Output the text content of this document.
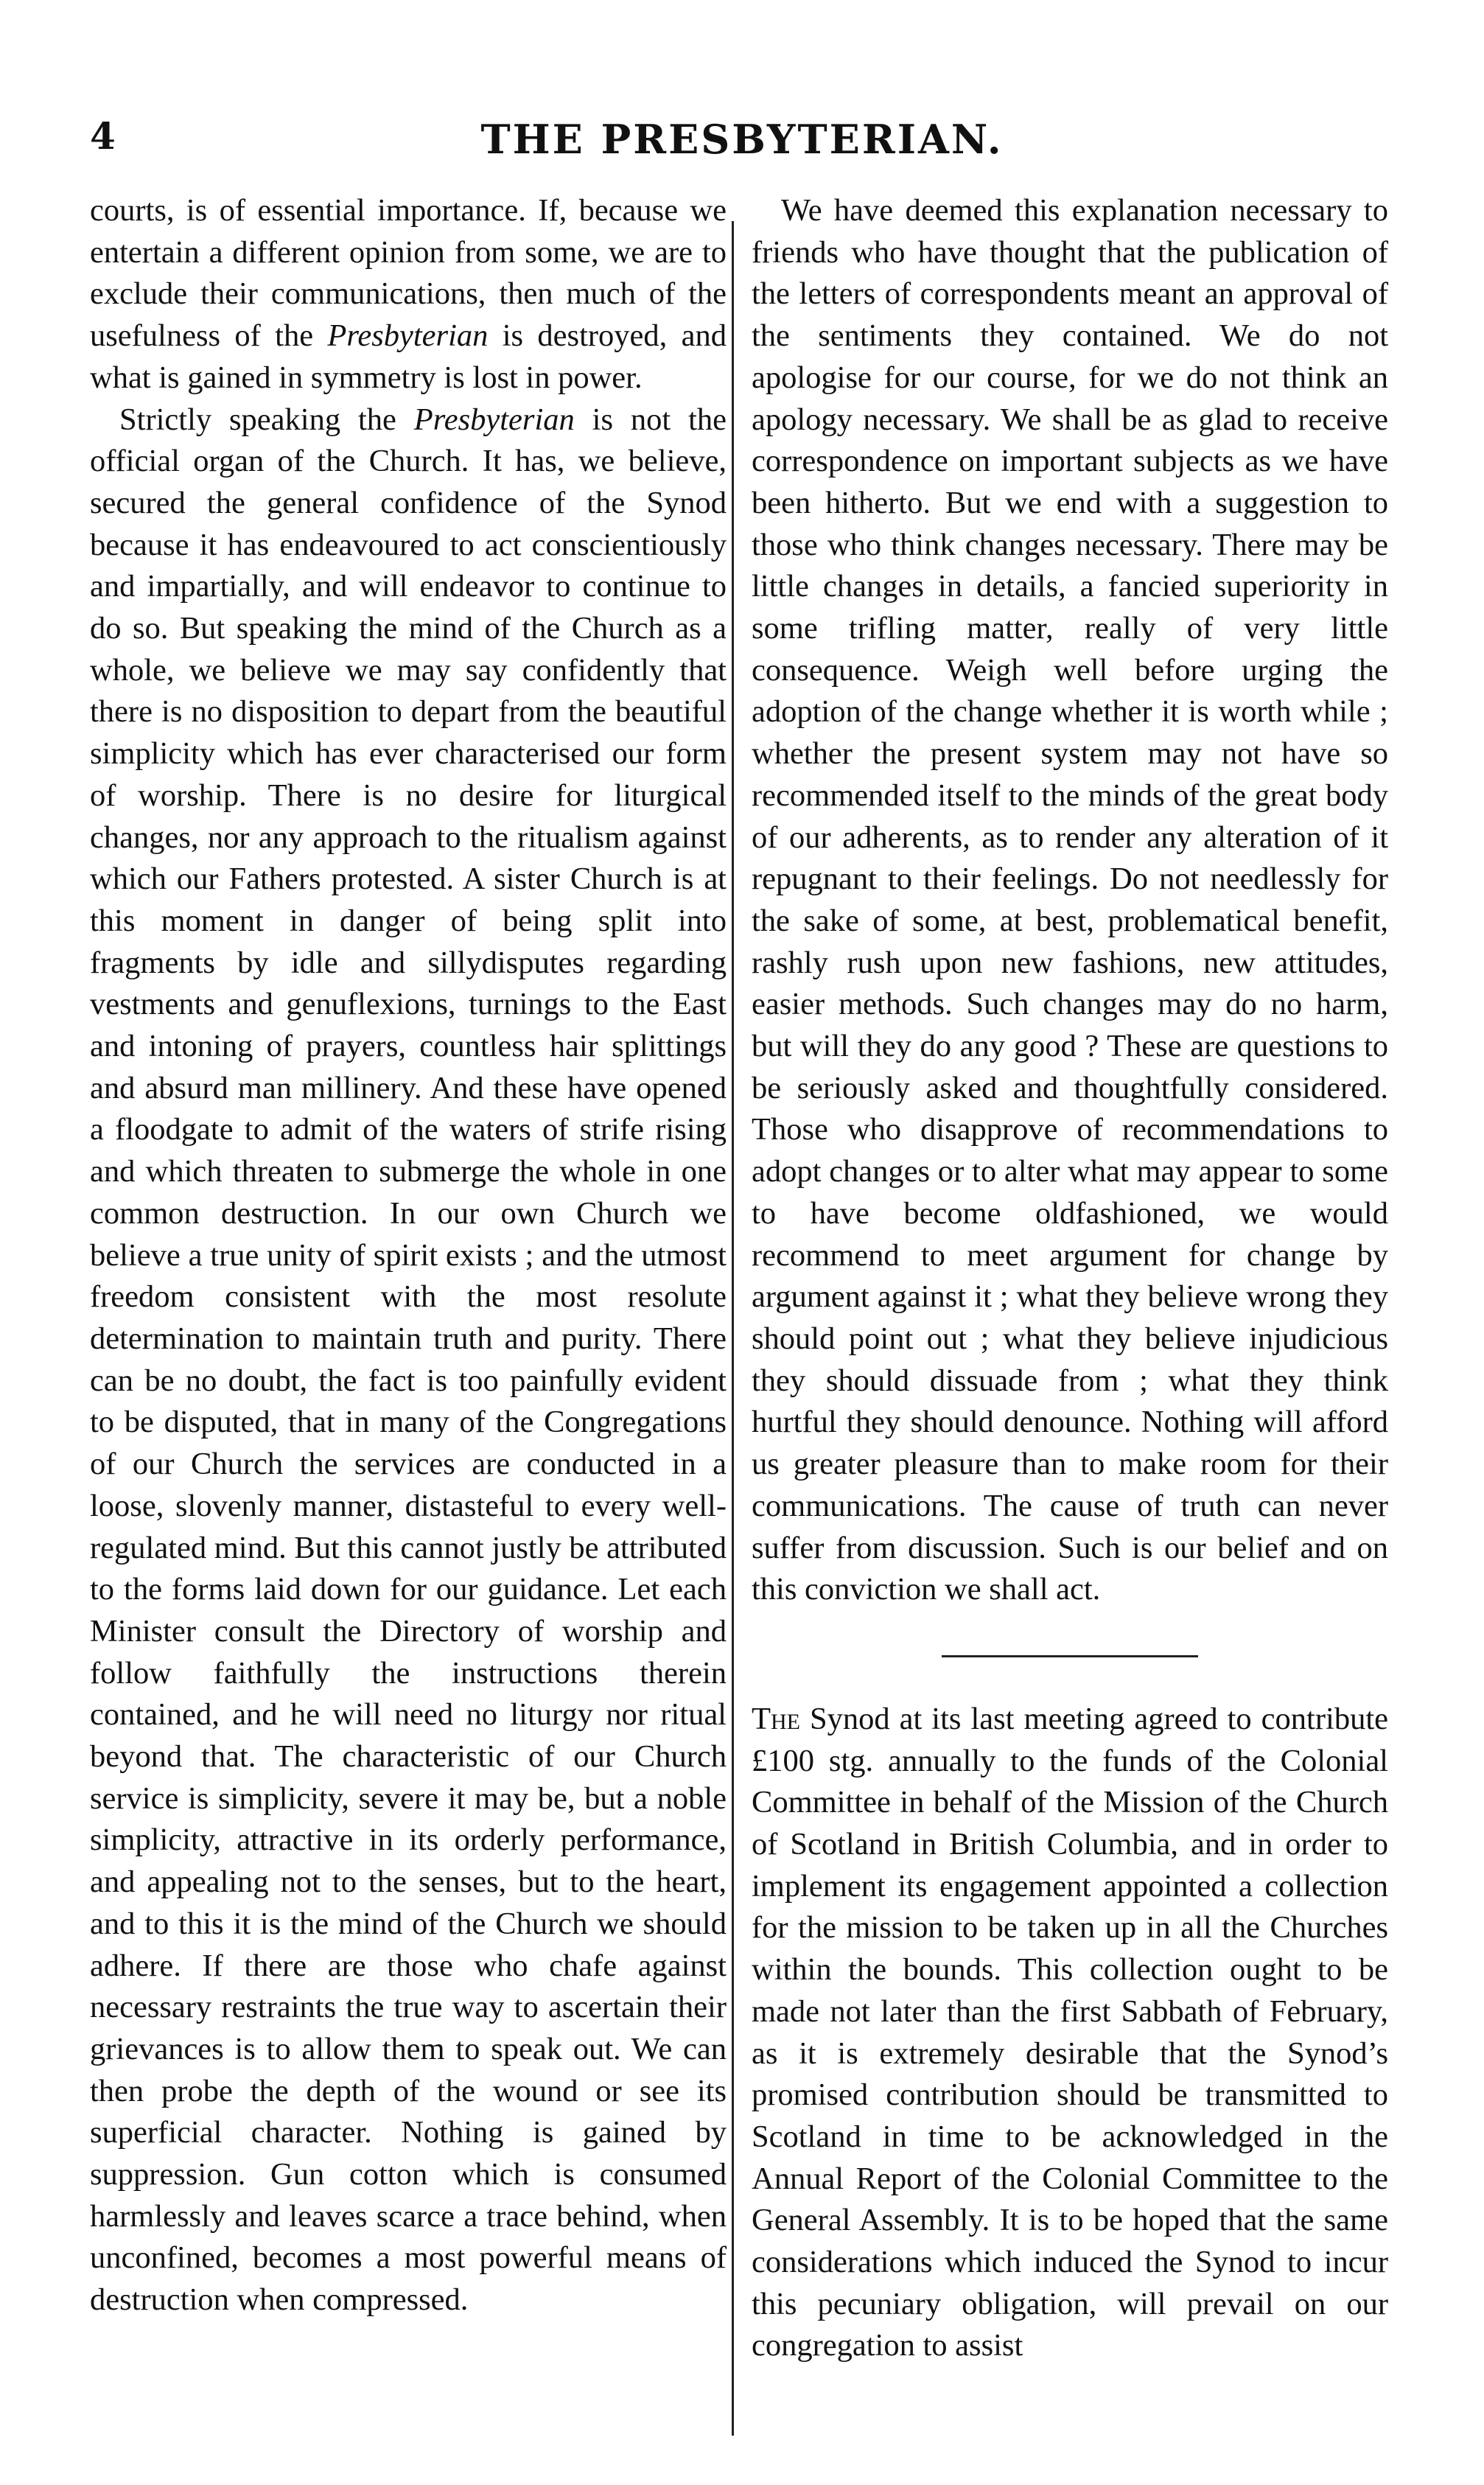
4	THE PRESBYTERIAN.

courts, is of essential importance. If, because we entertain a different opinion from some, we are to exclude their communications, then much of the usefulness of the Presbyterian is destroyed, and what is gained in symmetry is lost in power.

Strictly speaking the Presbyterian is not the official organ of the Church. It has, we believe, secured the general confidence of the Synod because it has endeavoured to act conscientiously and impartially, and will endeavor to continue to do so. But speaking the mind of the Church as a whole, we believe we may say confidently that there is no disposition to depart from the beautiful simplicity which has ever characterised our form of worship. There is no desire for liturgical changes, nor any approach to the ritualism against which our Fathers protested. A sister Church is at this moment in danger of being split into fragments by idle and sillydisputes regarding vestments and genuflexions, turnings to the East and intoning of prayers, countless hair splittings and absurd man millinery. And these have opened a floodgate to admit of the waters of strife rising and which threaten to submerge the whole in one common destruction. In our own Church we believe a true unity of spirit exists ; and the utmost freedom consistent with the most resolute determination to maintain truth and purity. There can be no doubt, the fact is too painfully evident to be disputed, that in many of the Congregations of our Church the services are conducted in a loose, slovenly manner, distasteful to every well-regulated mind. But this cannot justly be attributed to the forms laid down for our guidance. Let each Minister consult the Directory of worship and follow faithfully the instructions therein contained, and he will need no liturgy nor ritual beyond that. The characteristic of our Church service is simplicity, severe it may be, but a noble simplicity, attractive in its orderly performance, and appealing not to the senses, but to the heart, and to this it is the mind of the Church we should adhere. If there are those who chafe against necessary restraints the true way to ascertain their grievances is to allow them to speak out. We can then probe the depth of the wound or see its superficial character. Nothing is gained by suppression. Gun cotton which is consumed harmlessly and leaves scarce a trace behind, when unconfined, becomes a most powerful means of destruction when compressed.

We have deemed this explanation necessary to friends who have thought that the publication of the letters of correspondents meant an approval of the sentiments they contained. We do not apologise for our course, for we do not think an apology necessary. We shall be as glad to receive correspondence on important subjects as we have been hitherto. But we end with a suggestion to those who think changes necessary. There may be little changes in details, a fancied superiority in some trifling matter, really of very little consequence. Weigh well before urging the adoption of the change whether it is worth while ; whether the present system may not have so recommended itself to the minds of the great body of our adherents, as to render any alteration of it repugnant to their feelings. Do not needlessly for the sake of some, at best, problematical benefit, rashly rush upon new fashions, new attitudes, easier methods. Such changes may do no harm, but will they do any good ? These are questions to be seriously asked and thoughtfully considered. Those who disapprove of recommendations to adopt changes or to alter what may appear to some to have become oldfashioned, we would recommend to meet argument for change by argument against it ; what they believe wrong they should point out ; what they believe injudicious they should dissuade from ; what they think hurtful they should denounce. Nothing will afford us greater pleasure than to make room for their communications. The cause of truth can never suffer from discussion. Such is our belief and on this conviction we shall act.

The Synod at its last meeting agreed to contribute £100 stg. annually to the funds of the Colonial Committee in behalf of the Mission of the Church of Scotland in British Columbia, and in order to implement its engagement appointed a collection for the mission to be taken up in all the Churches within the bounds. This collection ought to be made not later than the first Sabbath of February, as it is extremely desirable that the Synod’s promised contribution should be transmitted to Scotland in time to be acknowledged in the Annual Report of the Colonial Committee to the General Assembly. It is to be hoped that the same considerations which induced the Synod to incur this pecuniary obligation, will prevail on our congregation to assist
